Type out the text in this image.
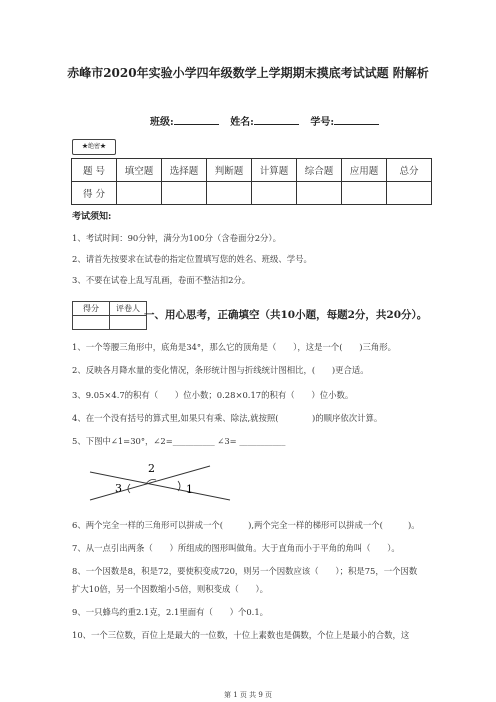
赤峰市2020年实验小学四年级数学上学期期末摸底考试试题 附解析
班级:	姓名:	学号:
★绝密★
题 号	填空题	选择题	判断题	计算题	综合题	应用题	总分
得 分							
考试须知:
1、考试时间：90分钟，满分为100分（含卷面分2分）。
2、请首先按要求在试卷的指定位置填写您的姓名、班级、学号。
3、不要在试卷上乱写乱画，卷面不整洁扣2分。
得分	评卷人

一、用心思考，正确填空（共10小题，每题2分，共20分）。
1、一个等腰三角形中，底角是34°，那么它的顶角是（　　），这是一个(　　)三角形。
2、反映各月降水量的变化情况，条形统计图与折线统计图相比，(　　)更合适。
3、9.05×4.7的积有（　　）位小数；0.28×0.17的积有（　　）位小数。
4、在一个没有括号的算式里,如果只有乘、除法,就按照(　　　　)的顺序依次计算。
5、下图中∠1=30°，∠2=__________ ∠3= ___________
2
1
3
6、两个完全一样的三角形可以拼成一个(　　　),两个完全一样的梯形可以拼成一个(　　　)。
7、从一点引出两条（　　）所组成的图形叫做角。大于直角而小于平角的角叫（　　）。
8、一个因数是8，积是72，要使积变成720，则另一个因数应该（　　）；积是75，一个因数
扩大10倍，另一个因数缩小5倍，则积变成（　　）。
9、一只蜂鸟约重2.1克，2.1里面有（　　）个0.1。
10、一个三位数，百位上是最大的一位数，十位上素数也是偶数，个位上是最小的合数，这
第 1 页 共 9 页
